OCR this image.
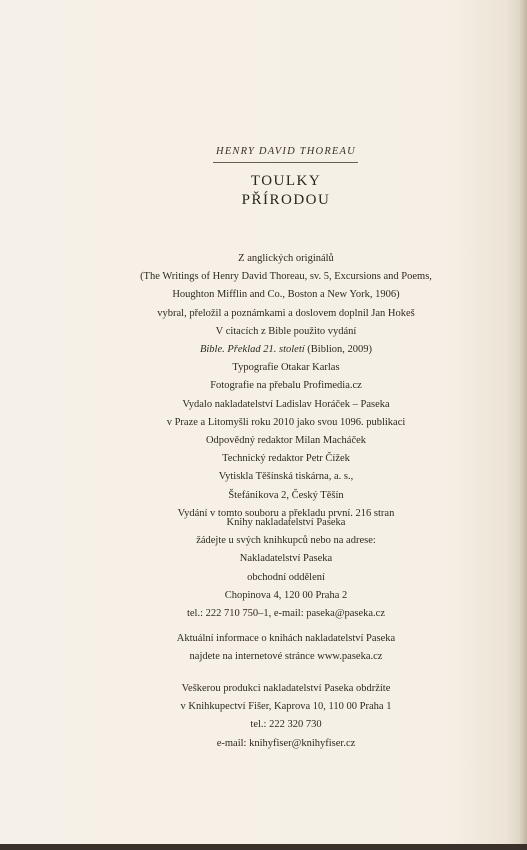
HENRY DAVID THOREAU
TOULKY
PŘÍRODOU
Z anglických originálů
(The Writings of Henry David Thoreau, sv. 5, Excursions and Poems,
Houghton Mifflin and Co., Boston a New York, 1906)
vybral, přeložil a poznámkami a doslovem doplnil Jan Hokeš
V citacích z Bible použito vydání
Bible. Překlad 21. století (Biblion, 2009)
Typografie Otakar Karlas
Fotografie na přebalu Profimedia.cz
Vydalo nakladatelství Ladislav Horáček – Paseka
v Praze a Litomyšli roku 2010 jako svou 1096. publikaci
Odpovědný redaktor Milan Macháček
Technický redaktor Petr Čížek
Vytiskla Těšínská tiskárna, a. s.,
Štefánikova 2, Český Těšín
Vydání v tomto souboru a překladu první. 216 stran
Knihy nakladatelství Paseka
žádejte u svých knihkupců nebo na adrese:
Nakladatelství Paseka
obchodní oddělení
Chopinova 4, 120 00 Praha 2
tel.: 222 710 750–1, e-mail: paseka@paseka.cz
Aktuální informace o knihách nakladatelství Paseka
najdete na internetové stránce www.paseka.cz
Veškerou produkci nakladatelství Paseka obdržíte
v Knihkupectví Fišer, Kaprova 10, 110 00 Praha 1
tel.: 222 320 730
e-mail: knihyfiser@knihyfiser.cz
